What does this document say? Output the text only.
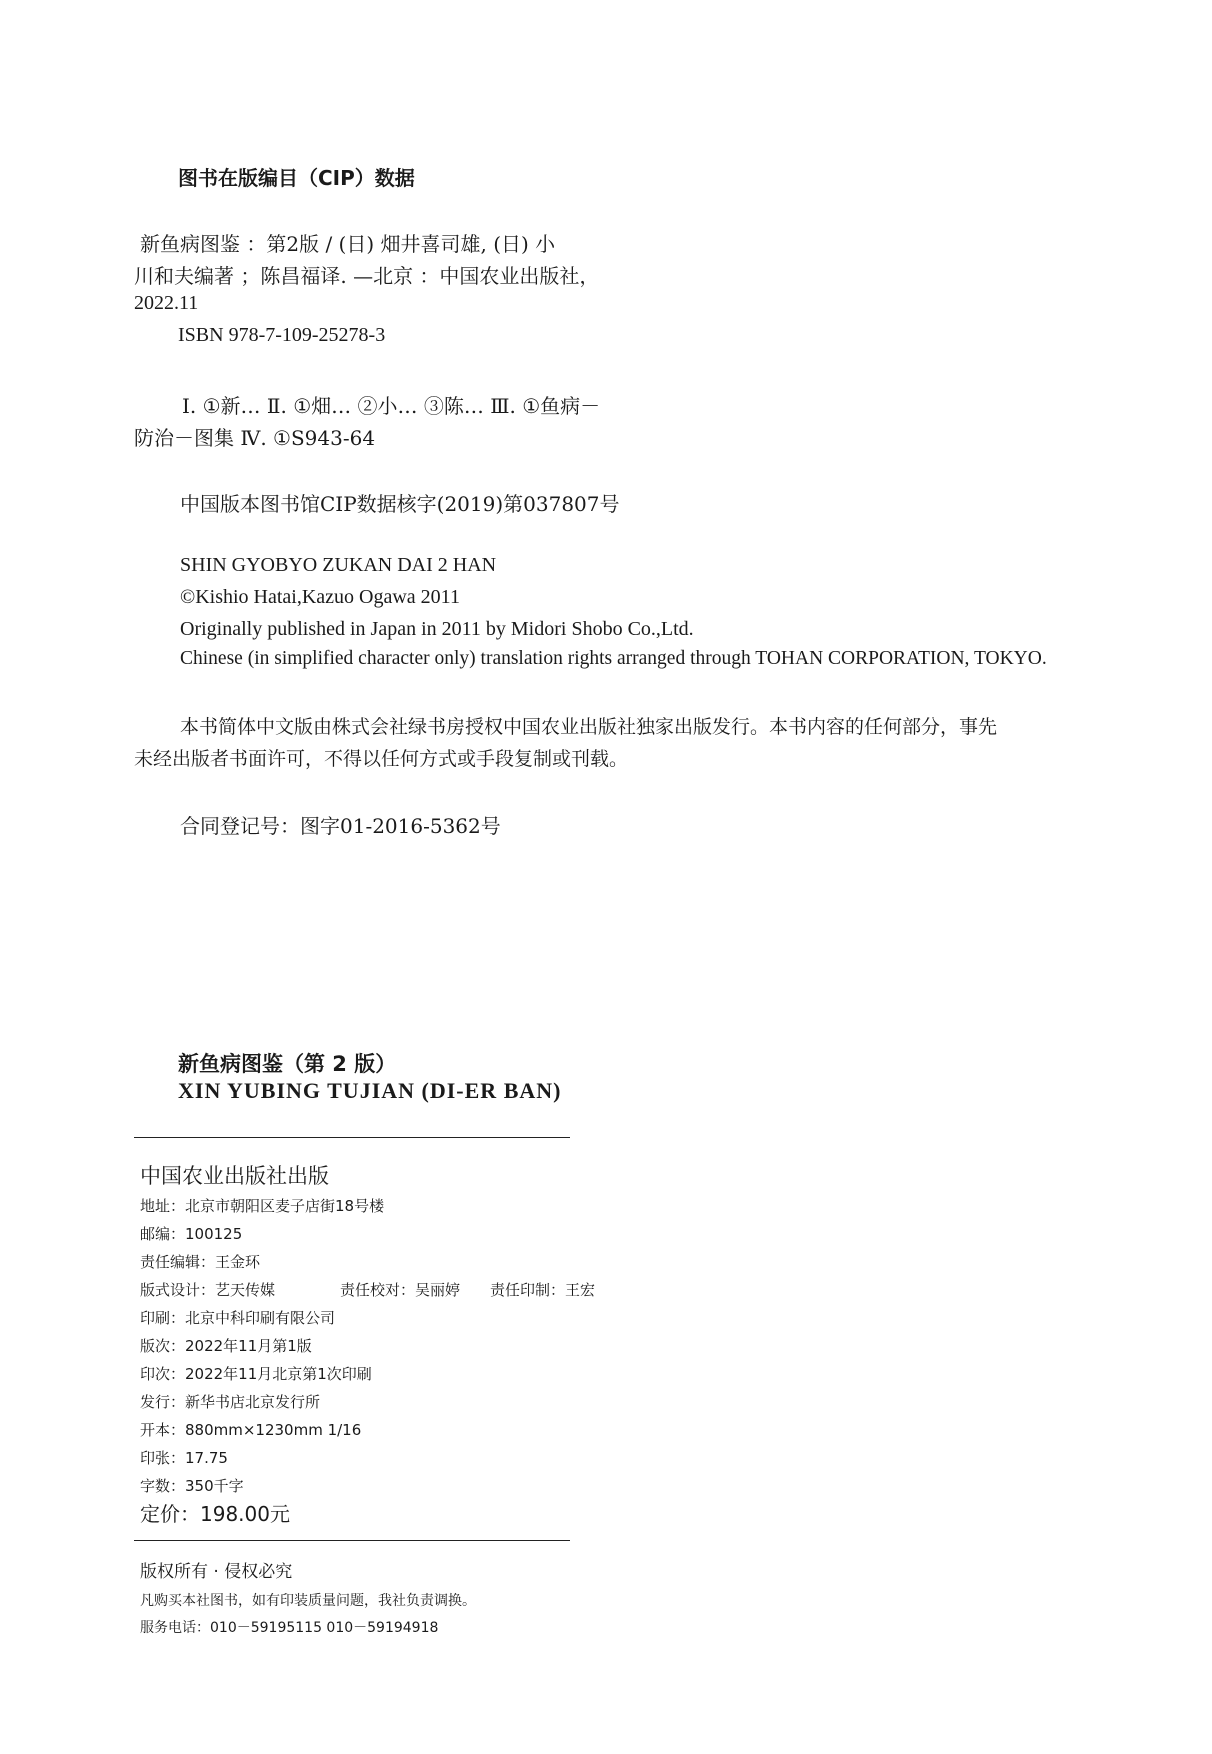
图书在版编目（CIP）数据
新鱼病图鉴 ：第2版 / (日) 畑井喜司雄, (日) 小
川和夫编著 ；陈昌福译. —北京 ：中国农业出版社，
2022.11
ISBN 978-7-109-25278-3
Ⅰ. ①新… Ⅱ. ①畑… ②小… ③陈… Ⅲ. ①鱼病－
防治－图集 Ⅳ. ①S943-64
中国版本图书馆CIP数据核字(2019)第037807号
SHIN GYOBYO ZUKAN DAI 2 HAN
©Kishio Hatai,Kazuo Ogawa 2011
Originally published in Japan in 2011 by Midori Shobo Co.,Ltd.
Chinese (in simplified character only) translation rights arranged through TOHAN CORPORATION, TOKYO.
本书简体中文版由株式会社绿书房授权中国农业出版社独家出版发行。本书内容的任何部分，事先
未经出版者书面许可，不得以任何方式或手段复制或刊载。
合同登记号：图字01-2016-5362号
新鱼病图鉴（第 2 版）
XIN YUBING TUJIAN (DI-ER BAN)
中国农业出版社出版
地址：北京市朝阳区麦子店街18号楼
邮编：100125
责任编辑：王金环
版式设计：艺天传媒	责任校对：吴丽婷 责任印制：王宏
印刷：北京中科印刷有限公司
版次：2022年11月第1版
印次：2022年11月北京第1次印刷
发行：新华书店北京发行所
开本：880mm×1230mm 1/16
印张：17.75
字数：350千字
定价：198.00元
版权所有 · 侵权必究
凡购买本社图书，如有印装质量问题，我社负责调换。
服务电话：010－59195115 010－59194918
